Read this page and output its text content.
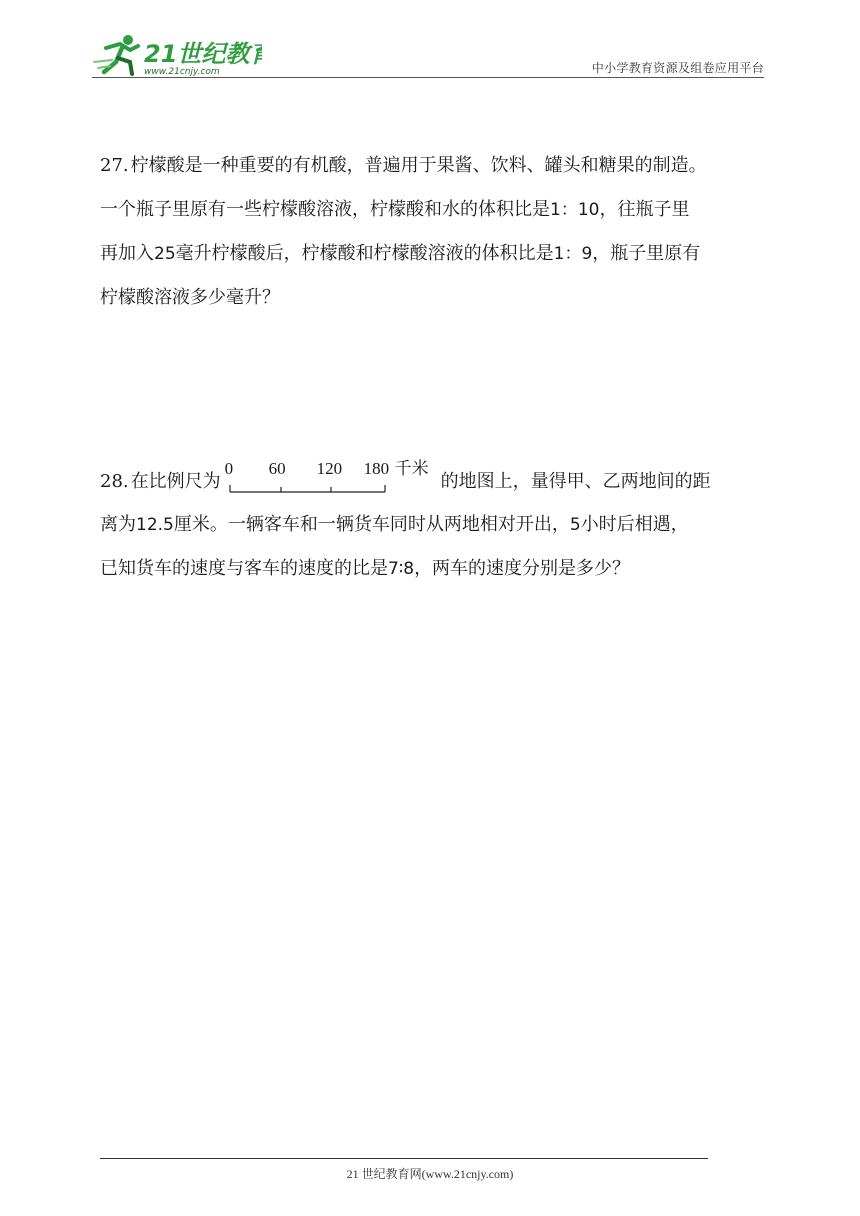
21世纪教育
www.21cnjy.com	中小学教育资源及组卷应用平台
27. 柠檬酸是一种重要的有机酸，普遍用于果酱、饮料、罐头和糖果的制造。
一个瓶子里原有一些柠檬酸溶液，柠檬酸和水的体积比是1：10，往瓶子里
再加入25毫升柠檬酸后，柠檬酸和柠檬酸溶液的体积比是1：9，瓶子里原有
柠檬酸溶液多少毫升？
28. 在比例尺为
0 60 120 180 千米
的地图上，量得甲、乙两地间的距
离为12.5厘米。一辆客车和一辆货车同时从两地相对开出，5小时后相遇，
已知货车的速度与客车的速度的比是7∶8，两车的速度分别是多少？
21 世纪教育网(www.21cnjy.com)
